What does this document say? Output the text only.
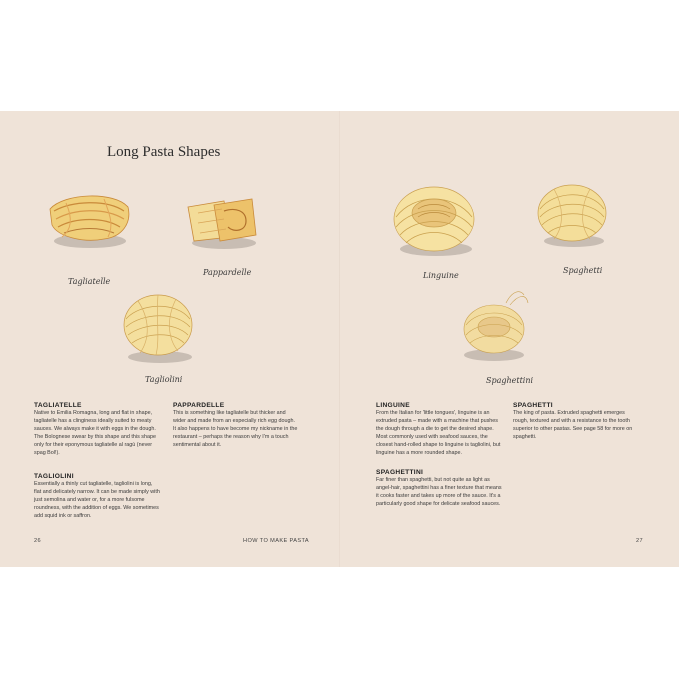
Long Pasta Shapes
Tagliatelle
Pappardelle
Tagliolini
Linguine
Spaghetti
Spaghettini
TAGLIATELLE

Native to Emilia Romagna, long and flat in shape, tagliatelle has a clinginess ideally suited to meaty sauces. We always make it with eggs in the dough. The Bolognese swear by this shape and this shape only for their eponymous tagliatelle al ragù (never spag Bol!).

TAGLIOLINI

Essentially a thinly cut tagliatelle, tagliolini is long, flat and delicately narrow. It can be made simply with just semolina and water or, for a more fulsome roundness, with the addition of eggs. We sometimes add squid ink or saffron.

PAPPARDELLE

This is something like tagliatelle but thicker and wider and made from an especially rich egg dough. It also happens to have become my nickname in the restaurant – perhaps the reason why I'm a touch sentimental about it.

LINGUINE

From the Italian for 'little tongues', linguine is an extruded pasta – made with a machine that pushes the dough through a die to get the desired shape. Most commonly used with seafood sauces, the closest hand-rolled shape to linguine is tagliolini, but linguine has a more rounded shape.

SPAGHETTINI

Far finer than spaghetti, but not quite as light as angel-hair, spaghettini has a finer texture that means it cooks faster and takes up more of the sauce. It's a particularly good shape for delicate seafood sauces.

SPAGHETTI

The king of pasta. Extruded spaghetti emerges rough, textured and with a resistance to the tooth superior to other pastas. See page 58 for more on spaghetti.

26	HOW TO MAKE PASTA	27
